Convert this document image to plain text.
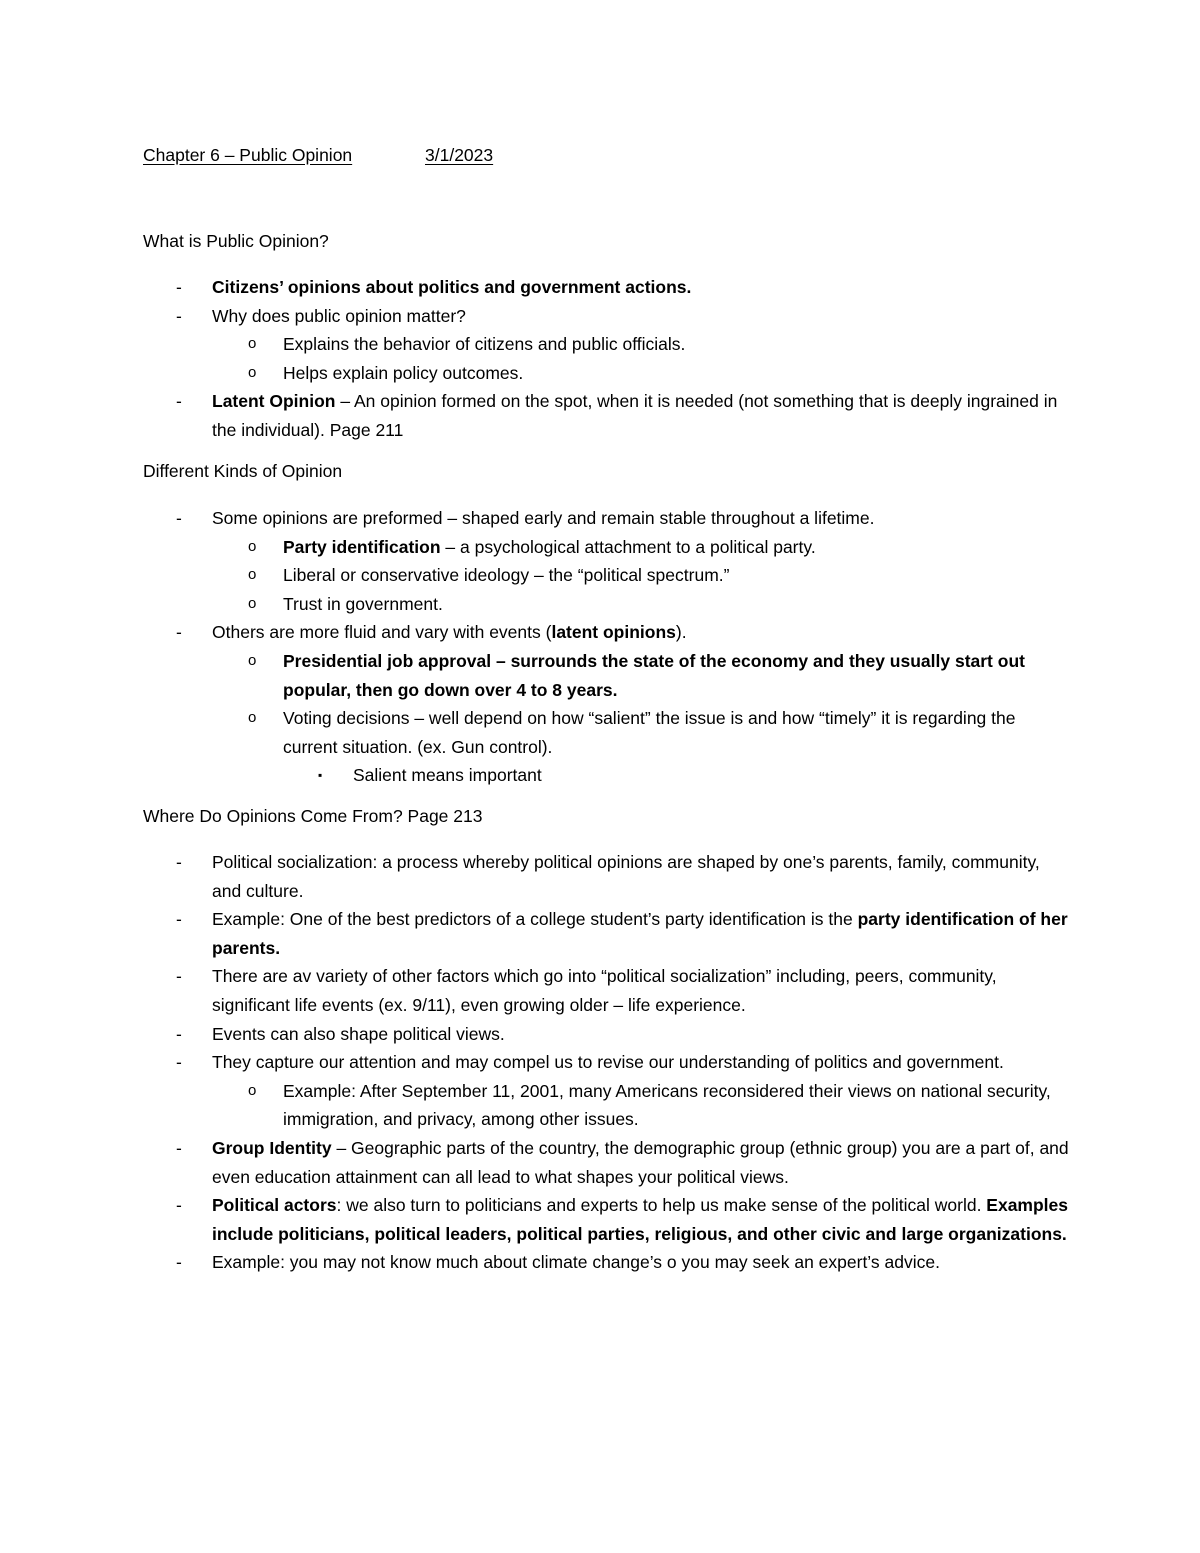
Chapter 6 – Public Opinion	3/1/2023
What is Public Opinion?
- Citizens’ opinions about politics and government actions.
- Why does public opinion matter?
o Explains the behavior of citizens and public officials.
o Helps explain policy outcomes.
- Latent Opinion – An opinion formed on the spot, when it is needed (not something that is deeply ingrained in the individual). Page 211
Different Kinds of Opinion
- Some opinions are preformed – shaped early and remain stable throughout a lifetime.
o Party identification – a psychological attachment to a political party.
o Liberal or conservative ideology – the “political spectrum.”
o Trust in government.
- Others are more fluid and vary with events (latent opinions).
o Presidential job approval – surrounds the state of the economy and they usually start out popular, then go down over 4 to 8 years.
o Voting decisions – well depend on how “salient” the issue is and how “timely” it is regarding the current situation. (ex. Gun control).
▪ Salient means important
Where Do Opinions Come From? Page 213
- Political socialization: a process whereby political opinions are shaped by one’s parents, family, community, and culture.
- Example: One of the best predictors of a college student’s party identification is the party identification of her parents.
- There are av variety of other factors which go into “political socialization” including, peers, community, significant life events (ex. 9/11), even growing older – life experience.
- Events can also shape political views.
- They capture our attention and may compel us to revise our understanding of politics and government.
o Example: After September 11, 2001, many Americans reconsidered their views on national security, immigration, and privacy, among other issues.
- Group Identity – Geographic parts of the country, the demographic group (ethnic group) you are a part of, and even education attainment can all lead to what shapes your political views.
- Political actors: we also turn to politicians and experts to help us make sense of the political world. Examples include politicians, political leaders, political parties, religious, and other civic and large organizations.
- Example: you may not know much about climate change’s o you may seek an expert’s advice.
